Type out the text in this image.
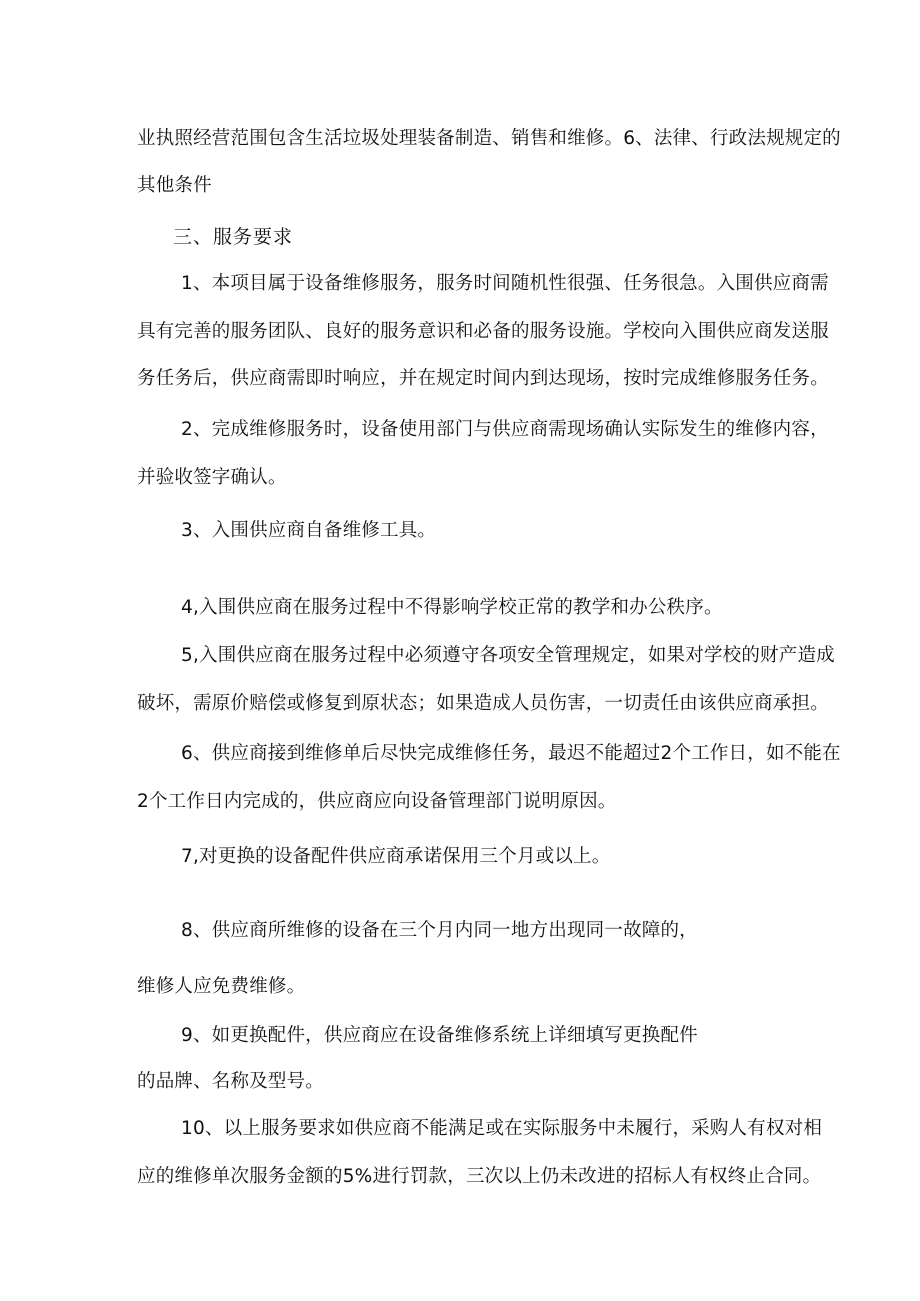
业执照经营范围包含生活垃圾处理装备制造、销售和维修。6、法律、行政法规规定的
其他条件
三、服务要求
1、本项目属于设备维修服务，服务时间随机性很强、任务很急。入围供应商需
具有完善的服务团队、良好的服务意识和必备的服务设施。学校向入围供应商发送服
务任务后，供应商需即时响应，并在规定时间内到达现场，按时完成维修服务任务。
2、完成维修服务时，设备使用部门与供应商需现场确认实际发生的维修内容，
并验收签字确认。
3、入围供应商自备维修工具。
4,入围供应商在服务过程中不得影响学校正常的教学和办公秩序。
5,入围供应商在服务过程中必须遵守各项安全管理规定，如果对学校的财产造成
破坏，需原价赔偿或修复到原状态；如果造成人员伤害，一切责任由该供应商承担。
6、供应商接到维修单后尽快完成维修任务，最迟不能超过2个工作日，如不能在
2个工作日内完成的，供应商应向设备管理部门说明原因。
7,对更换的设备配件供应商承诺保用三个月或以上。
8、供应商所维修的设备在三个月内同一地方出现同一故障的，
维修人应免费维修。
9、如更换配件，供应商应在设备维修系统上详细填写更换配件
的品牌、名称及型号。
10、以上服务要求如供应商不能满足或在实际服务中未履行，采购人有权对相
应的维修单次服务金额的5%进行罚款，三次以上仍未改进的招标人有权终止合同。
